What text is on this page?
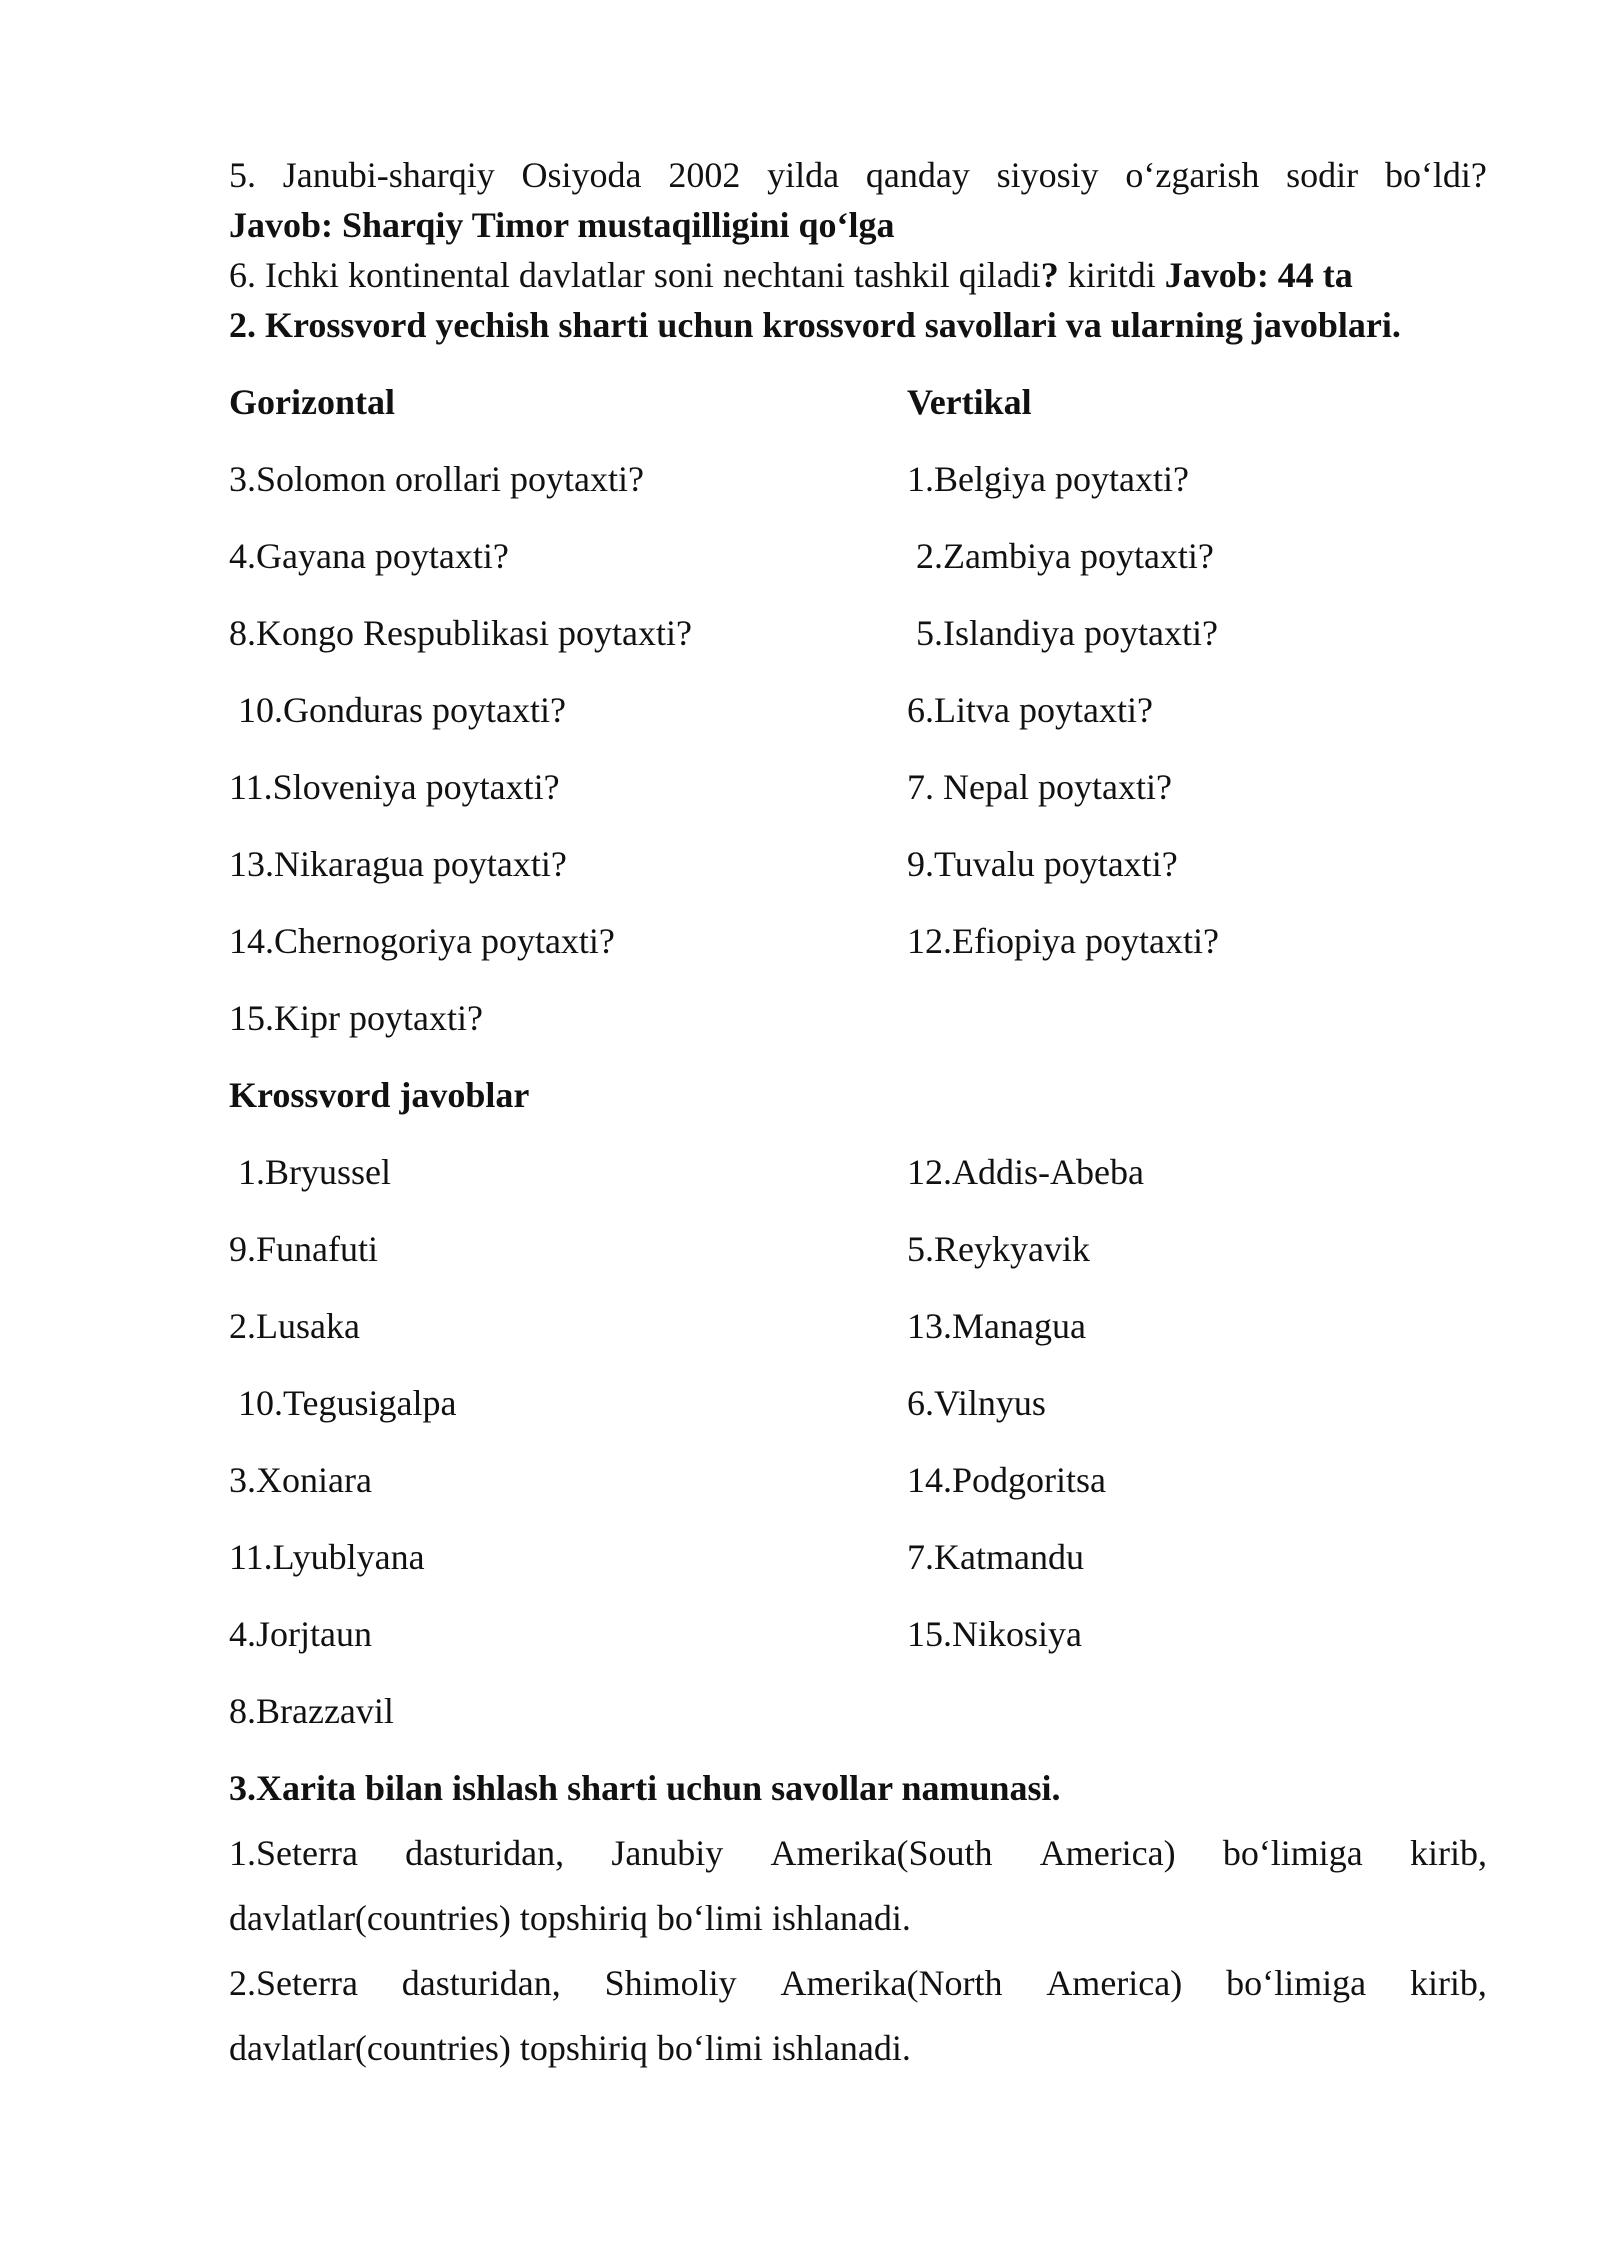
5. Janubi-sharqiy Osiyoda 2002 yilda qanday siyosiy o‘zgarish sodir bo‘ldi?
Javob: Sharqiy Timor mustaqilligini qo‘lga
6. Ichki kontinental davlatlar soni nechtani tashkil qiladi? kiritdi Javob: 44 ta
2. Krossvord yechish sharti uchun krossvord savollari va ularning javoblari.
Gorizontal	Vertikal
3.Solomon orollari poytaxti?
4.Gayana poytaxti?
8.Kongo Respublikasi poytaxti?
10.Gonduras poytaxti?
11.Sloveniya poytaxti?
13.Nikaragua poytaxti?
14.Chernogoriya poytaxti?
15.Kipr poytaxti?
1.Belgiya poytaxti?
2.Zambiya poytaxti?
5.Islandiya poytaxti?
6.Litva poytaxti?
7. Nepal poytaxti?
9.Tuvalu poytaxti?
12.Efiopiya poytaxti?
Krossvord javoblar
1.Bryussel
9.Funafuti
2.Lusaka
10.Tegusigalpa
3.Xoniara
11.Lyublyana
4.Jorjtaun
8.Brazzavil
12.Addis-Abeba
5.Reykyavik
13.Managua
6.Vilnyus
14.Podgoritsa
7.Katmandu
15.Nikosiya
3.Xarita bilan ishlash sharti uchun savollar namunasi.
1.Seterra dasturidan, Janubiy Amerika(South America) bo‘limiga kirib,
davlatlar(countries) topshiriq bo‘limi ishlanadi.
2.Seterra dasturidan, Shimoliy Amerika(North America) bo‘limiga kirib,
davlatlar(countries) topshiriq bo‘limi ishlanadi.
